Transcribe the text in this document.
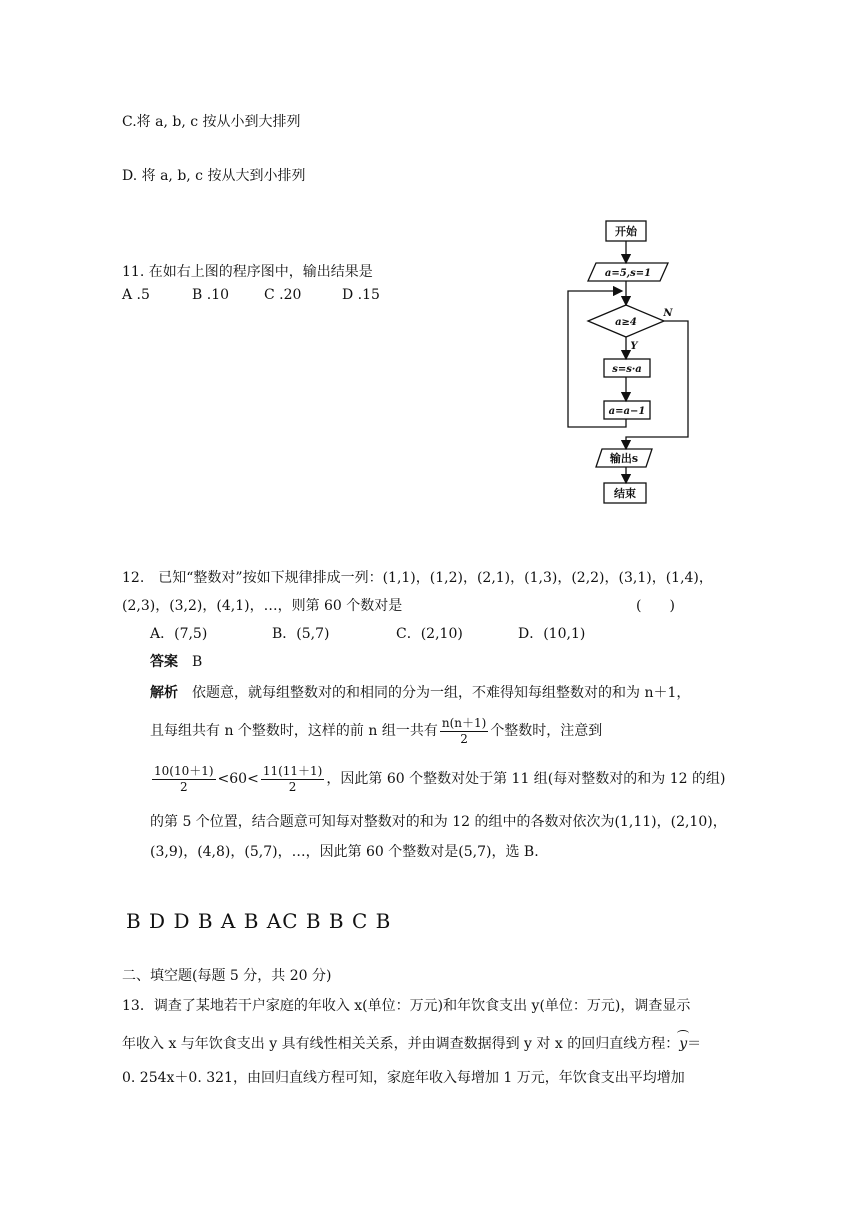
C.将 a, b, c 按从小到大排列
D. 将 a, b, c 按从大到小排列
11. 在如右上图的程序图中，输出结果是
A .5	B .10 C .20	D .15
开始
a=5,s=1
a≥4
Y
N
s=s·a
a=a−1
输出s
结束
12.　已知“整数对”按如下规律排成一列：(1,1)，(1,2)，(2,1)，(1,3)，(2,2)，(3,1)，(1,4)，
(2,3)，(3,2)，(4,1)，…，则第 60 个数对是	(　　)
A．(7,5)	B．(5,7)	C．(2,10)	D．(10,1)
答案　 B
解析　 依题意，就每组整数对的和相同的分为一组，不难得知每组整数对的和为 n＋1，
且每组共有 n 个整数时，这样的前 n 组一共有 $\frac{n(n+1)}{2}$ 个整数时，注意到
$\frac{10(10+1)}{2} <60< \frac{11(11+1)}{2}$ ，因此第 60 个整数对处于第 11 组(每对整数对的和为 12 的组)
的第 5 个位置，结合题意可知每对整数对的和为 12 的组中的各数对依次为(1,11)，(2,10)，
(3,9)，(4,8)，(5,7)，…，因此第 60 个整数对是(5,7)，选 B.
B D D B A B AC B B C B
二、填空题(每题 5 分，共 20 分)
13．调查了某地若干户家庭的年收入 x(单位：万元)和年饮食支出 y(单位：万元)，调查显示
年收入 x 与年饮食支出 y 具有线性相关关系，并由调查数据得到 y 对 x 的回归直线方程：y＝
0. 254x＋0. 321，由回归直线方程可知，家庭年收入每增加 1 万元，年饮食支出平均增加
